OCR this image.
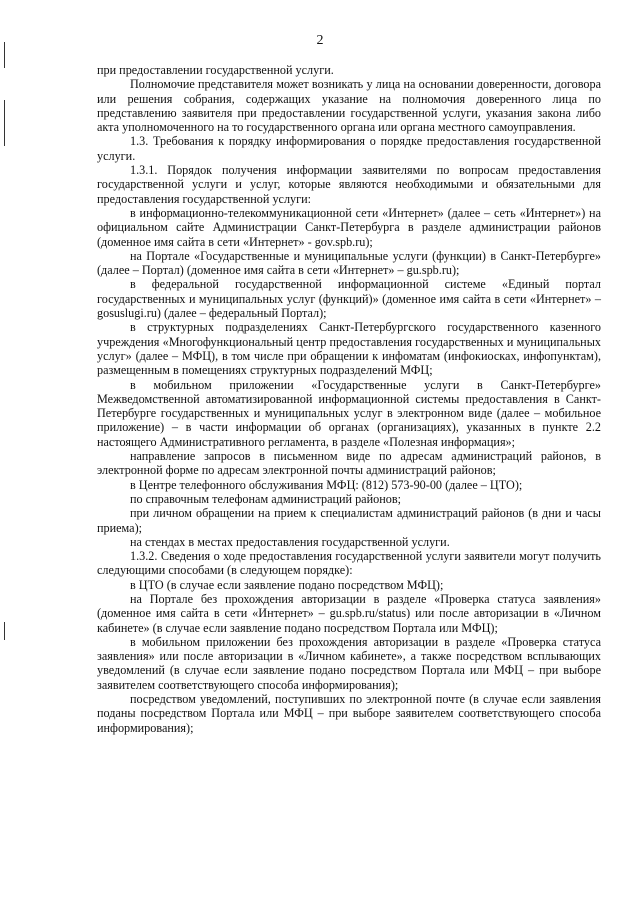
2

при предоставлении государственной услуги.

Полномочие представителя может возникать у лица на основании доверенности, договора или решения собрания, содержащих указание на полномочия доверенного лица по представлению заявителя при предоставлении государственной услуги, указания закона либо акта уполномоченного на то государственного органа или органа местного самоуправления.

1.3. Требования к порядку информирования о порядке предоставления государственной услуги.

1.3.1. Порядок получения информации заявителями по вопросам предоставления государственной услуги и услуг, которые являются необходимыми и обязательными для предоставления государственной услуги:

в информационно-телекоммуникационной сети «Интернет» (далее – сеть «Интернет») на официальном сайте Администрации Санкт-Петербурга в разделе администрации районов (доменное имя сайта в сети «Интернет» - gov.spb.ru);

на Портале «Государственные и муниципальные услуги (функции) в Санкт-Петербурге» (далее – Портал) (доменное имя сайта в сети «Интернет» – gu.spb.ru);

в федеральной государственной информационной системе «Единый портал государственных и муниципальных услуг (функций)» (доменное имя сайта в сети «Интернет» – gosuslugi.ru) (далее – федеральный Портал);

в структурных подразделениях Санкт-Петербургского государственного казенного учреждения «Многофункциональный центр предоставления государственных и муниципальных услуг» (далее – МФЦ), в том числе при обращении к инфоматам (инфокиосках, инфопунктам), размещенным в помещениях структурных подразделений МФЦ;

в мобильном приложении «Государственные услуги в Санкт-Петербурге» Межведомственной автоматизированной информационной системы предоставления в Санкт-Петербурге государственных и муниципальных услуг в электронном виде (далее – мобильное приложение) – в части информации об органах (организациях), указанных в пункте 2.2 настоящего Административного регламента, в разделе «Полезная информация»;

направление запросов в письменном виде по адресам администраций районов, в электронной форме по адресам электронной почты администраций районов;

в Центре телефонного обслуживания МФЦ: (812) 573-90-00 (далее – ЦТО);

по справочным телефонам администраций районов;

при личном обращении на прием к специалистам администраций районов (в дни и часы приема);

на стендах в местах предоставления государственной услуги.

1.3.2. Сведения о ходе предоставления государственной услуги заявители могут получить следующими способами (в следующем порядке):

в ЦТО (в случае если заявление подано посредством МФЦ);

на Портале без прохождения авторизации в разделе «Проверка статуса заявления» (доменное имя сайта в сети «Интернет» – gu.spb.ru/status) или после авторизации в «Личном кабинете» (в случае если заявление подано посредством Портала или МФЦ);

в мобильном приложении без прохождения авторизации в разделе «Проверка статуса заявления» или после авторизации в «Личном кабинете», а также посредством всплывающих уведомлений (в случае если заявление подано посредством Портала или МФЦ – при выборе заявителем соответствующего способа информирования);

посредством уведомлений, поступивших по электронной почте (в случае если заявления поданы посредством Портала или МФЦ – при выборе заявителем соответствующего способа информирования);
